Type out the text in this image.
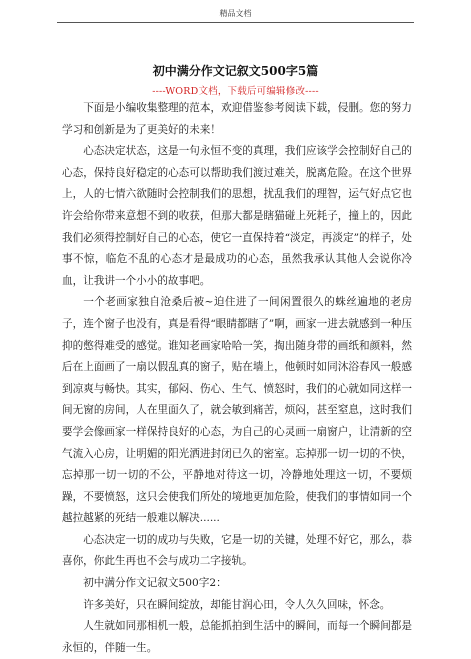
精品文档
初中满分作文记叙文500字5篇
----WORD文档，下载后可编辑修改----

下面是小编收集整理的范本，欢迎借鉴参考阅读下载，侵删。您的努力学习和创新是为了更美好的未来！

心态决定状态，这是一句永恒不变的真理，我们应该学会控制好自己的心态，保持良好稳定的心态可以帮助我们渡过难关，脱离危险。在这个世界上，人的七情六欲随时会控制我们的思想，扰乱我们的理智，运气好点它也许会给你带来意想不到的收获，但那大都是瞎猫碰上死耗子，撞上的，因此我们必须得控制好自己的心态，使它一直保持着“淡定，再淡定”的样子，处事不惊，临危不乱的心态才是最成功的心态，虽然我承认其他人会说你冷血，让我讲一个小小的故事吧。

一个老画家独自沧桑后被~迫住进了一间闲置很久的蛛丝遍地的老房子，连个窗子也没有，真是看得“眼睛都瞎了”啊，画家一进去就感到一种压抑的憋得难受的感觉。谁知老画家哈哈一笑，掏出随身带的画纸和颜料，然后在上面画了一扇以假乱真的窗子，贴在墙上，他顿时如同沐浴春风一般感到凉爽与畅快。其实，郁闷、伤心、生气、愤怒时，我们的心就如同这样一间无窗的房间，人在里面久了，就会敏到痛苦，烦闷，甚至窒息，这时我们要学会像画家一样保持良好的心态，为自己的心灵画一扇窗户，让清新的空气流入心房，让明媚的阳光洒进封闭已久的密室。忘掉那一切一切的不快，忘掉那一切一切的不公，平静地对待这一切，冷静地处理这一切，不要烦躁，不要愤怒，这只会使我们所处的境地更加危险，使我们的事情如同一个越拉越紧的死结一般难以解决......

心态决定一切的成功与失败，它是一切的关键，处理不好它，那么，恭喜你，你此生再也不会与成功二字接轨。

初中满分作文记叙文500字2：

许多美好，只在瞬间绽放，却能甘润心田，令人久久回味，怀念。

人生就如同那相机一般，总能抓拍到生活中的瞬间，而每一个瞬间都是永恒的，伴随一生。
